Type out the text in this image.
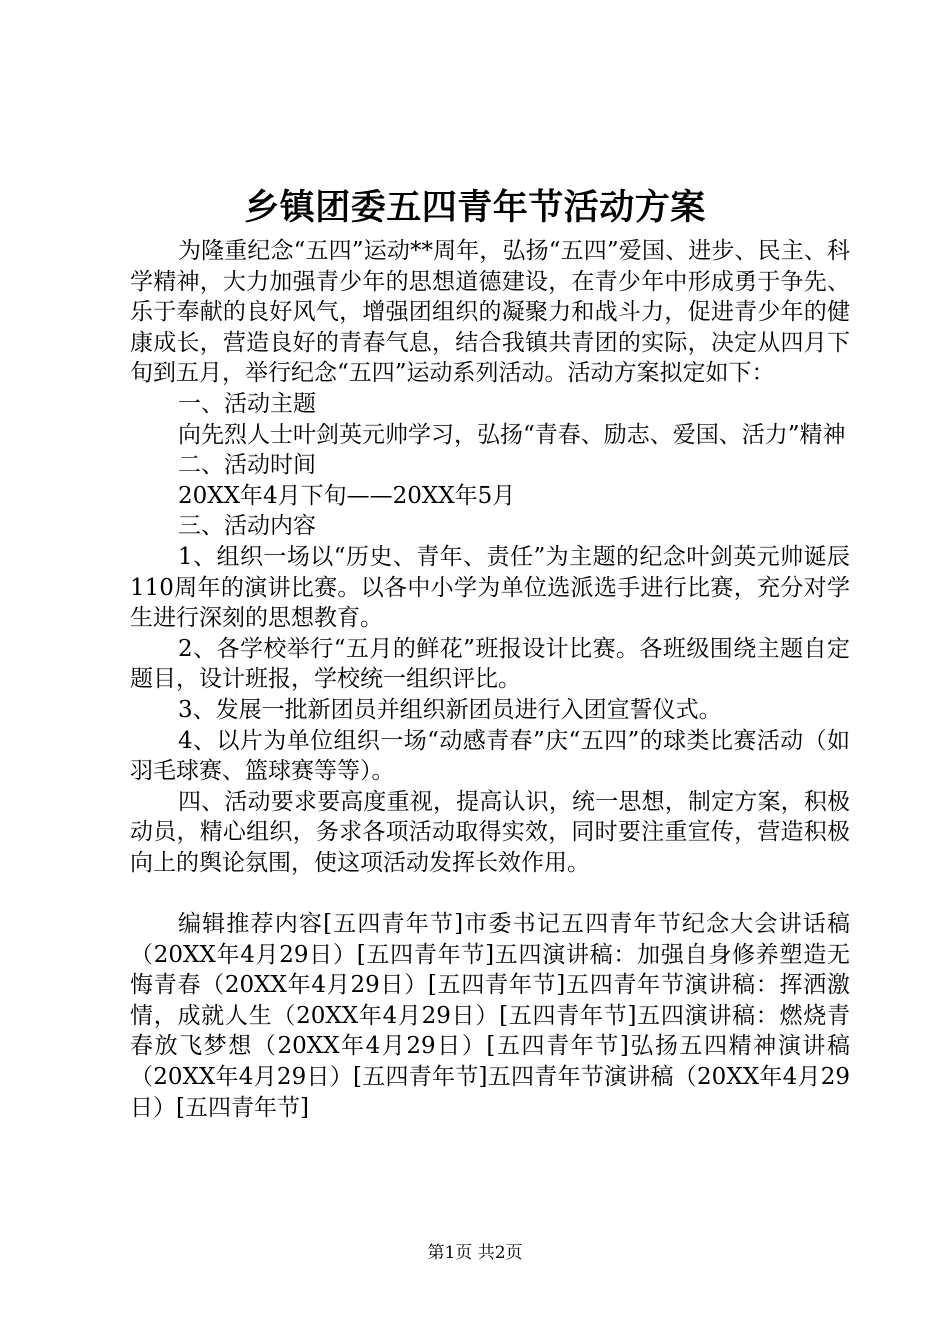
乡镇团委五四青年节活动方案

为隆重纪念“五四”运动**周年，弘扬“五四”爱国、进步、民主、科学精神，大力加强青少年的思想道德建设，在青少年中形成勇于争先、乐于奉献的良好风气，增强团组织的凝聚力和战斗力，促进青少年的健康成长，营造良好的青春气息，结合我镇共青团的实际，决定从四月下旬到五月，举行纪念“五四”运动系列活动。活动方案拟定如下：

一、活动主题

向先烈人士叶剑英元帅学习，弘扬“青春、励志、爱国、活力”精神

二、活动时间

20XX年4月下旬——20XX年5月

三、活动内容

1、组织一场以“历史、青年、责任”为主题的纪念叶剑英元帅诞辰110周年的演讲比赛。以各中小学为单位选派选手进行比赛，充分对学生进行深刻的思想教育。

2、各学校举行“五月的鲜花”班报设计比赛。各班级围绕主题自定题目，设计班报，学校统一组织评比。

3、发展一批新团员并组织新团员进行入团宣誓仪式。

4、以片为单位组织一场“动感青春”庆“五四”的球类比赛活动（如羽毛球赛、篮球赛等等）。

四、活动要求要高度重视，提高认识，统一思想，制定方案，积极动员，精心组织，务求各项活动取得实效，同时要注重宣传，营造积极向上的舆论氛围，使这项活动发挥长效作用。

编辑推荐内容[五四青年节]市委书记五四青年节纪念大会讲话稿（20XX年4月29日）[五四青年节]五四演讲稿：加强自身修养塑造无悔青春（20XX年4月29日）[五四青年节]五四青年节演讲稿：挥洒激情，成就人生（20XX年4月29日）[五四青年节]五四演讲稿：燃烧青春放飞梦想（20XX年4月29日）[五四青年节]弘扬五四精神演讲稿（20XX年4月29日）[五四青年节]五四青年节演讲稿（20XX年4月29日）[五四青年节]

第1页 共2页
